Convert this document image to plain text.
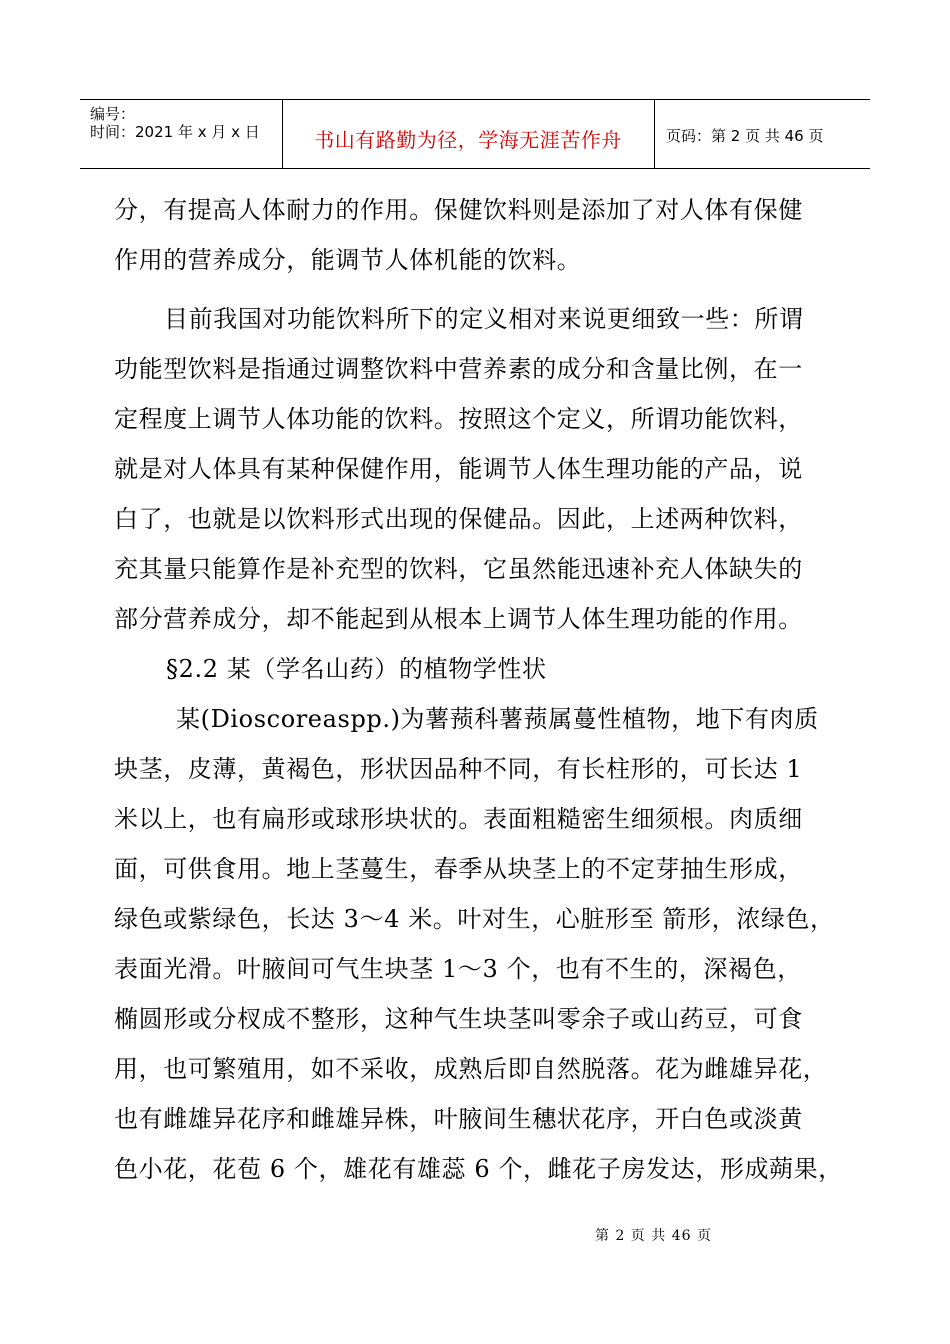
编号：
时间：2021 年 x 月 x 日	书山有路勤为径，学海无涯苦作舟	页码：第 2 页 共 46 页
分，有提高人体耐力的作用。保健饮料则是添加了对人体有保健
作用的营养成分，能调节人体机能的饮料。
目前我国对功能饮料所下的定义相对来说更细致一些：所谓
功能型饮料是指通过调整饮料中营养素的成分和含量比例，在一
定程度上调节人体功能的饮料。按照这个定义，所谓功能饮料，
就是对人体具有某种保健作用，能调节人体生理功能的产品，说
白了，也就是以饮料形式出现的保健品。因此，上述两种饮料，
充其量只能算作是补充型的饮料，它虽然能迅速补充人体缺失的
部分营养成分，却不能起到从根本上调节人体生理功能的作用。
§2.2 某（学名山药）的植物学性状
某(Dioscoreaspp.)为薯蓣科薯蓣属蔓性植物，地下有肉质
块茎，皮薄，黄褐色，形状因品种不同，有长柱形的，可长达 1
米以上，也有扁形或球形块状的。表面粗糙密生细须根。肉质细
面，可供食用。地上茎蔓生，春季从块茎上的不定芽抽生形成，
绿色或紫绿色，长达 3～4 米。叶对生，心脏形至 箭形，浓绿色，
表面光滑。叶腋间可气生块茎 1～3 个，也有不生的，深褐色，
椭圆形或分杈成不整形，这种气生块茎叫零余子或山药豆，可食
用，也可繁殖用，如不采收，成熟后即自然脱落。花为雌雄异花，
也有雌雄异花序和雌雄异株，叶腋间生穗状花序，开白色或淡黄
色小花，花苞 6 个，雄花有雄蕊 6 个，雌花子房发达，形成蒴果，
第 2 页 共 46 页
